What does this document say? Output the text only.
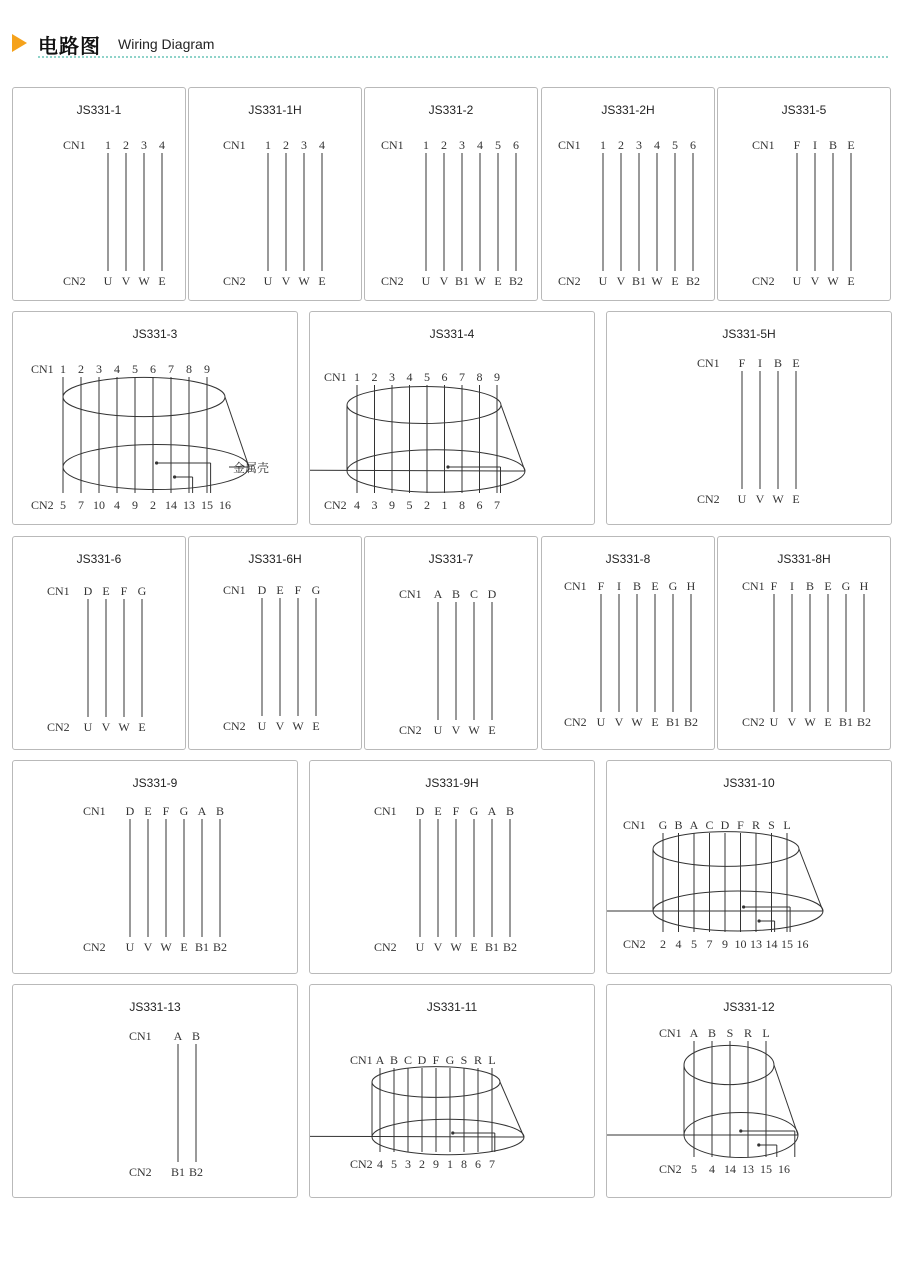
电路图 Wiring Diagram
JS331-1
CN1
CN2
1
U
2
V
3
W
4
E
JS331-1H
CN1
CN2
1
U
2
V
3
W
4
E
JS331-2
CN1
CN2
1
U
2
V
3
B1
4
W
5
E
6
B2
JS331-2H
CN1
CN2
1
U
2
V
3
B1
4
W
5
E
6
B2
JS331-5
CN1
CN2
F
U
I
V
B
W
E
E
JS331-3
CN1
CN2
1 2 3 4 5 6 7 8 9
5 7 10 4 9 2 14 13 15 16
金属壳
JS331-4
CN1
CN2
1 2 3 4 5 6 7 8 9
4 3 9 5 2 1 8 6 7
JS331-5H
CN1
CN2
F
U
I
V
B
W
E
E
JS331-6
CN1
CN2
D
U
E
V
F
W
G
E
JS331-6H
CN1
CN2
D
U
E
V
F
W
G
E
JS331-7
CN1
CN2
A
U
B
V
C
W
D
E
JS331-8
CN1
CN2
F
U
I
V
B
W
E
E
G
B1
H
B2
JS331-8H
CN1
CN2
F
U
I
V
B
W
E
E
G
B1
H
B2
JS331-9
CN1
CN2
D
U
E
V
F
W
G
E
A
B1
B
B2
JS331-9H
CN1
CN2
D
U
E
V
F
W
G
E
A
B1
B
B2
JS331-10
CN1
CN2
G B A C D F R S L
2 4 5 7 9 10 13 14 15 16
JS331-13
CN1
CN2
A
B1
B
B2
JS331-11
CN1
CN2
A B C D F G S R L
4 5 3 2 9 1 8 6 7
JS331-12
CN1
CN2
A B S R L
5 4 14 13 15 16
